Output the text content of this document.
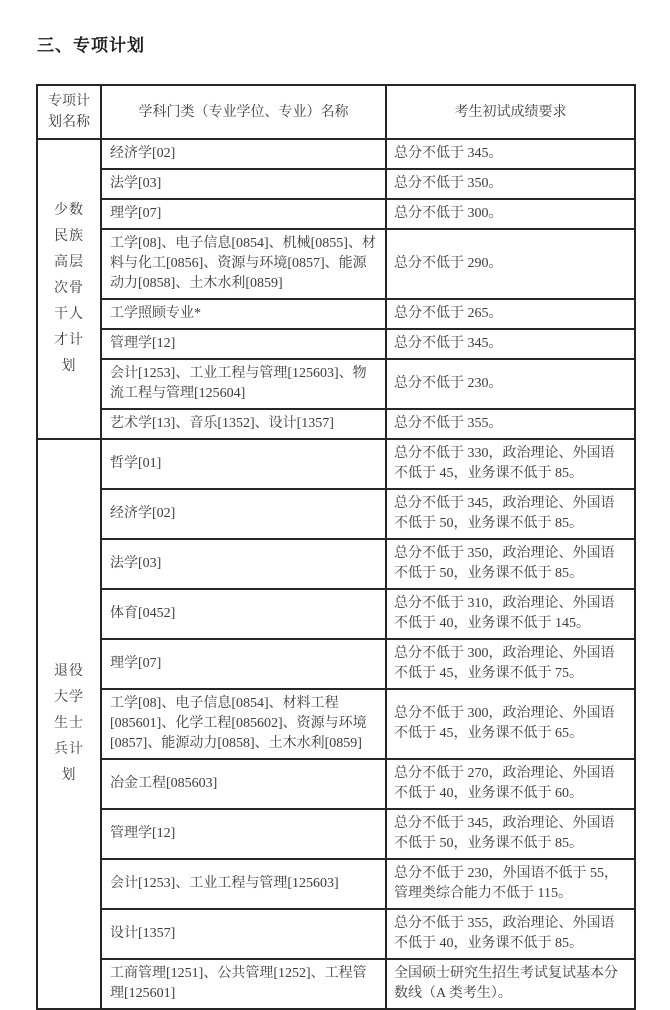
三、专项计划
专项计划名称	学科门类（专业学位、专业）名称	考生初试成绩要求
少数民族高层次骨干人才计划	经济学[02]	总分不低于 345。
	法学[03]	总分不低于 350。
	理学[07]	总分不低于 300。
	工学[08]、电子信息[0854]、机械[0855]、材料与化工[0856]、资源与环境[0857]、能源动力[0858]、土木水利[0859]	总分不低于 290。
	工学照顾专业*	总分不低于 265。
	管理学[12]	总分不低于 345。
	会计[1253]、工业工程与管理[125603]、物流工程与管理[125604]	总分不低于 230。
	艺术学[13]、音乐[1352]、设计[1357]	总分不低于 355。
退役大学生士兵计划	哲学[01]	总分不低于 330，政治理论、外国语不低于 45，业务课不低于 85。
	经济学[02]	总分不低于 345，政治理论、外国语不低于 50，业务课不低于 85。
	法学[03]	总分不低于 350，政治理论、外国语不低于 50，业务课不低于 85。
	体育[0452]	总分不低于 310，政治理论、外国语不低于 40，业务课不低于 145。
	理学[07]	总分不低于 300，政治理论、外国语不低于 45，业务课不低于 75。
	工学[08]、电子信息[0854]、材料工程[085601]、化学工程[085602]、资源与环境[0857]、能源动力[0858]、土木水利[0859]	总分不低于 300，政治理论、外国语不低于 45，业务课不低于 65。
	冶金工程[085603]	总分不低于 270，政治理论、外国语不低于 40，业务课不低于 60。
	管理学[12]	总分不低于 345，政治理论、外国语不低于 50，业务课不低于 85。
	会计[1253]、工业工程与管理[125603]	总分不低于 230，外国语不低于 55，管理类综合能力不低于 115。
	设计[1357]	总分不低于 355，政治理论、外国语不低于 40，业务课不低于 85。
	工商管理[1251]、公共管理[1252]、工程管理[125601]	全国硕士研究生招生考试复试基本分数线（A 类考生）。
